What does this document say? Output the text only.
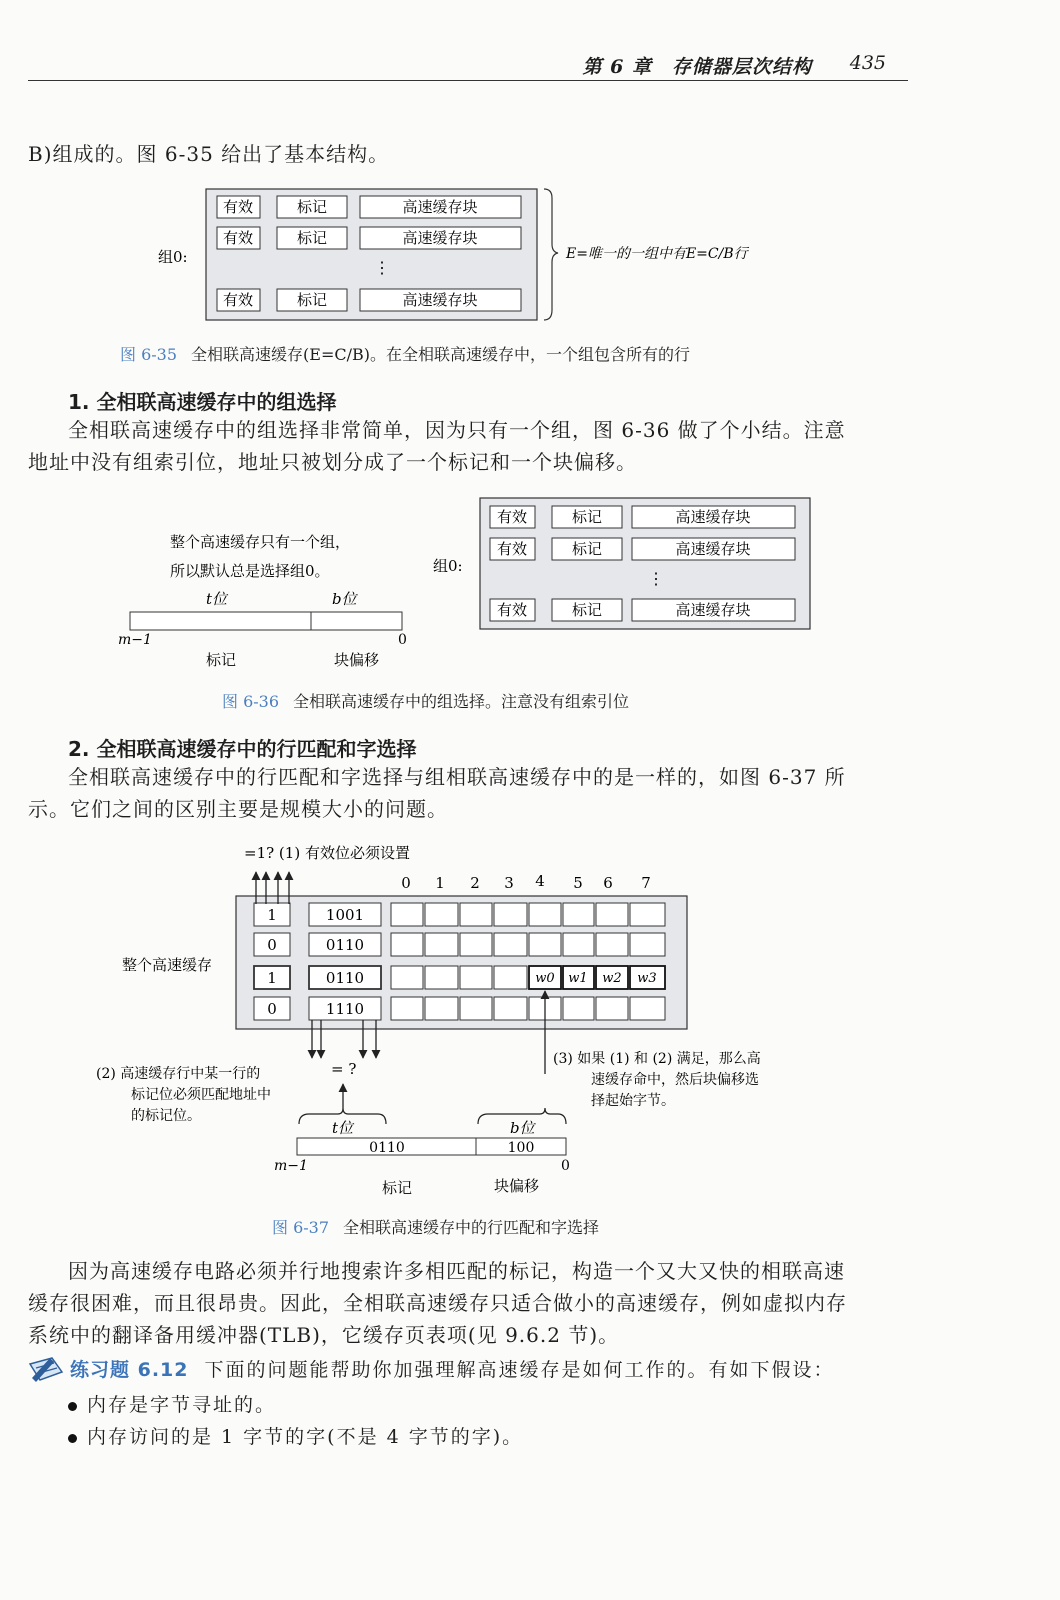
第 6 章　存储器层次结构 435
B)组成的。图 6-35 给出了基本结构。
有效	标记	高速缓存块
有效	标记	高速缓存块
⋮
有效	标记	高速缓存块
组0:	E=唯一的一组中有E=C/B行
图 6-35 全相联高速缓存(E=C/B)。在全相联高速缓存中，一个组包含所有的行
1. 全相联高速缓存中的组选择
全相联高速缓存中的组选择非常简单，因为只有一个组，图 6-36 做了个小结。注意
地址中没有组索引位，地址只被划分成了一个标记和一个块偏移。
整个高速缓存只有一个组，
所以默认总是选择组0。
t位	b位
m−1	0
标记	块偏移
组0:
有效	标记	高速缓存块
有效	标记	高速缓存块
⋮
有效	标记	高速缓存块
图 6-36 全相联高速缓存中的组选择。注意没有组索引位
2. 全相联高速缓存中的行匹配和字选择
全相联高速缓存中的行匹配和字选择与组相联高速缓存中的是一样的，如图 6-37 所
示。它们之间的区别主要是规模大小的问题。
=1? (1) 有效位必须设置
0 1 2 3 4 5 6 7
整个高速缓存
1
0
1
0
1001
0110
0110
1110
w0 w1 w2 w3
= ?
(2) 高速缓存行中某一行的
标记位必须匹配地址中
的标记位。
(3) 如果 (1) 和 (2) 满足，那么高
速缓存命中，然后块偏移选
择起始字节。
t位	b位
0110	100
m−1	0
标记	块偏移
图 6-37 全相联高速缓存中的行匹配和字选择
因为高速缓存电路必须并行地搜索许多相匹配的标记，构造一个又大又快的相联高速
缓存很困难，而且很昂贵。因此，全相联高速缓存只适合做小的高速缓存，例如虚拟内存
系统中的翻译备用缓冲器(TLB)，它缓存页表项(见 9.6.2 节)。
练习题 6.12 下面的问题能帮助你加强理解高速缓存是如何工作的。有如下假设：
内存是字节寻址的。
内存访问的是 1 字节的字(不是 4 字节的字)。
